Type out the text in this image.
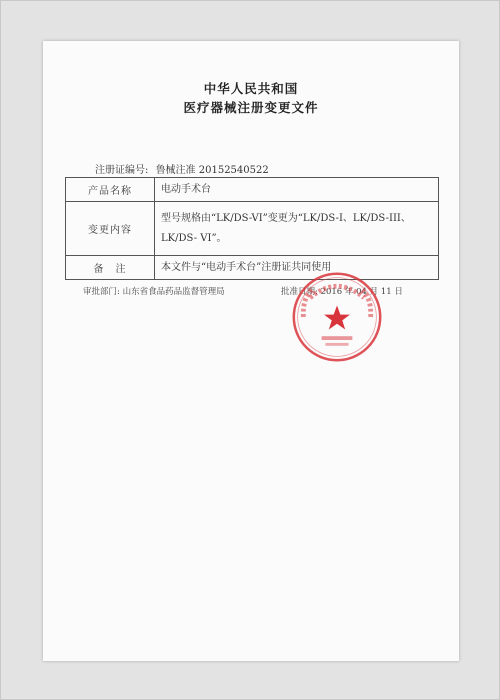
中华人民共和国
医疗器械注册变更文件
注册证编号: 鲁械注准 20152540522
产品名称	电动手术台
变更内容	型号规格由“LK/DS-VI”变更为“LK/DS-I、LK/DS-III、
LK/DS- VI”。

备　注	本文件与“电动手术台”注册证共同使用
审批部门: 山东省食品药品监督管理局	批准日期: 2016 年 04 月 11 日
